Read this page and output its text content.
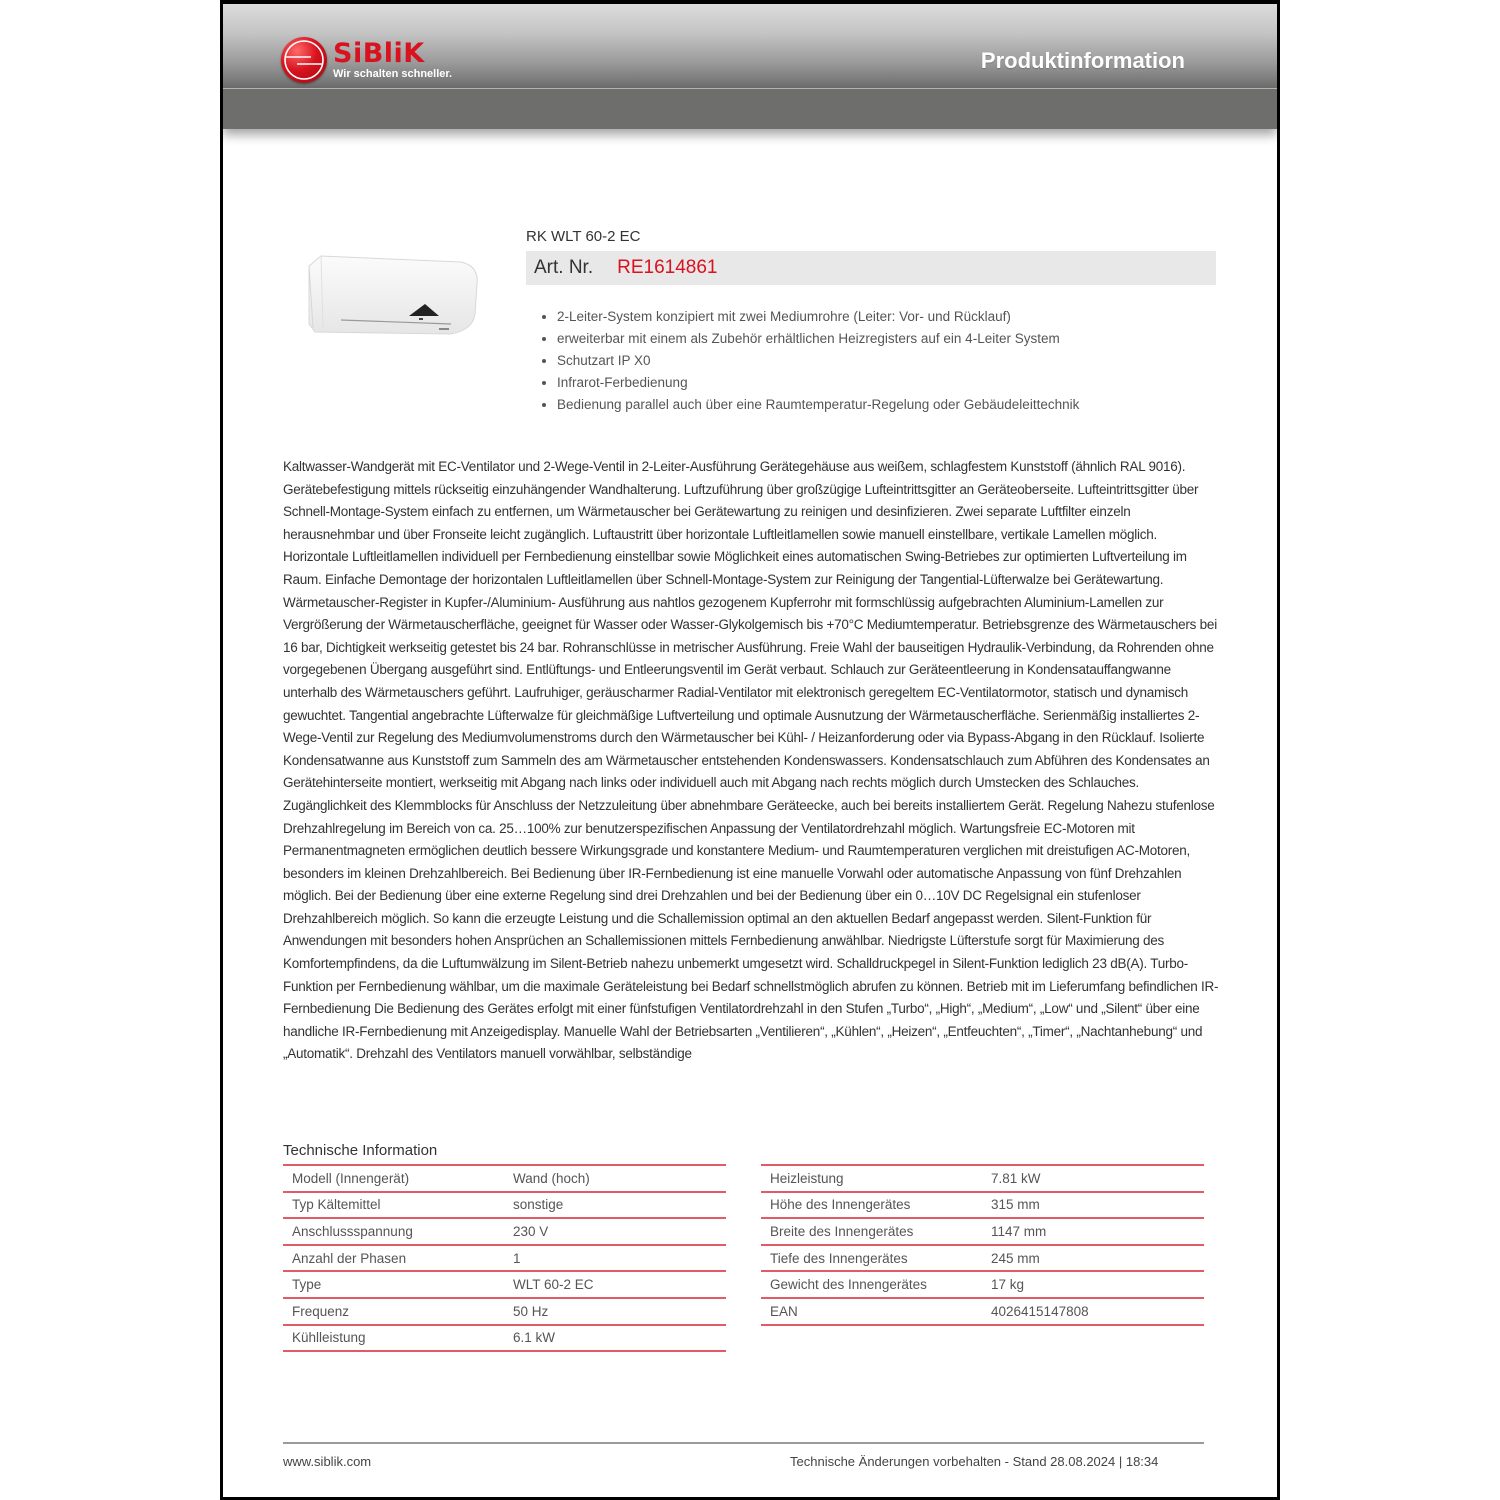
SiBliK
Wir schalten schneller.
Produktinformation
RK WLT 60-2 EC
Art. Nr. RE1614861
• 2-Leiter-System konzipiert mit zwei Mediumrohre (Leiter: Vor- und Rücklauf)
• erweiterbar mit einem als Zubehör erhältlichen Heizregisters auf ein 4-Leiter System
• Schutzart IP X0
• Infrarot-Ferbedienung
• Bedienung parallel auch über eine Raumtemperatur-Regelung oder Gebäudeleittechnik
Kaltwasser-Wandgerät mit EC-Ventilator und 2-Wege-Ventil in 2-Leiter-Ausführung Gerätegehäuse aus weißem, schlagfestem Kunststoff (ähnlich RAL 9016). Gerätebefestigung mittels rückseitig einzuhängender Wandhalterung. Luftzuführung über großzügige Lufteintrittsgitter an Geräteoberseite. Lufteintrittsgitter über Schnell-Montage-System einfach zu entfernen, um Wärmetauscher bei Gerätewartung zu reinigen und desinfizieren. Zwei separate Luftfilter einzeln herausnehmbar und über Fronseite leicht zugänglich. Luftaustritt über horizontale Luftleitlamellen sowie manuell einstellbare, vertikale Lamellen möglich. Horizontale Luftleitlamellen individuell per Fernbedienung einstellbar sowie Möglichkeit eines automatischen Swing-Betriebes zur optimierten Luftverteilung im Raum. Einfache Demontage der horizontalen Luftleitlamellen über Schnell-Montage-System zur Reinigung der Tangential-Lüfterwalze bei Gerätewartung. Wärmetauscher-Register in Kupfer-/Aluminium- Ausführung aus nahtlos gezogenem Kupferrohr mit formschlüssig aufgebrachten Aluminium-Lamellen zur Vergrößerung der Wärmetauscherfläche, geeignet für Wasser oder Wasser-Glykolgemisch bis +70°C Mediumtemperatur. Betriebsgrenze des Wärmetauschers bei 16 bar, Dichtigkeit werkseitig getestet bis 24 bar. Rohranschlüsse in metrischer Ausführung. Freie Wahl der bauseitigen Hydraulik-Verbindung, da Rohrenden ohne vorgegebenen Übergang ausgeführt sind. Entlüftungs- und Entleerungsventil im Gerät verbaut. Schlauch zur Geräteentleerung in Kondensatauffangwanne unterhalb des Wärmetauschers geführt. Laufruhiger, geräuscharmer Radial-Ventilator mit elektronisch geregeltem EC-Ventilatormotor, statisch und dynamisch gewuchtet. Tangential angebrachte Lüfterwalze für gleichmäßige Luftverteilung und optimale Ausnutzung der Wärmetauscherfläche. Serienmäßig installiertes 2-Wege-Ventil zur Regelung des Mediumvolumenstroms durch den Wärmetauscher bei Kühl- / Heizanforderung oder via Bypass-Abgang in den Rücklauf. Isolierte Kondensatwanne aus Kunststoff zum Sammeln des am Wärmetauscher entstehenden Kondenswassers. Kondensatschlauch zum Abführen des Kondensates an Gerätehinterseite montiert, werkseitig mit Abgang nach links oder individuell auch mit Abgang nach rechts möglich durch Umstecken des Schlauches. Zugänglichkeit des Klemmblocks für Anschluss der Netzzuleitung über abnehmbare Geräteecke, auch bei bereits installiertem Gerät. Regelung Nahezu stufenlose Drehzahlregelung im Bereich von ca. 25…100% zur benutzerspezifischen Anpassung der Ventilatordrehzahl möglich. Wartungsfreie EC-Motoren mit Permanentmagneten ermöglichen deutlich bessere Wirkungsgrade und konstantere Medium- und Raumtemperaturen verglichen mit dreistufigen AC-Motoren, besonders im kleinen Drehzahlbereich. Bei Bedienung über IR-Fernbedienung ist eine manuelle Vorwahl oder automatische Anpassung von fünf Drehzahlen möglich. Bei der Bedienung über eine externe Regelung sind drei Drehzahlen und bei der Bedienung über ein 0…10V DC Regelsignal ein stufenloser Drehzahlbereich möglich. So kann die erzeugte Leistung und die Schallemission optimal an den aktuellen Bedarf angepasst werden. Silent-Funktion für Anwendungen mit besonders hohen Ansprüchen an Schallemissionen mittels Fernbedienung anwählbar. Niedrigste Lüfterstufe sorgt für Maximierung des Komfortempfindens, da die Luftumwälzung im Silent-Betrieb nahezu unbemerkt umgesetzt wird. Schalldruckpegel in Silent-Funktion lediglich 23 dB(A). Turbo-Funktion per Fernbedienung wählbar, um die maximale Geräteleistung bei Bedarf schnellstmöglich abrufen zu können. Betrieb mit im Lieferumfang befindlichen IR-Fernbedienung Die Bedienung des Gerätes erfolgt mit einer fünfstufigen Ventilatordrehzahl in den Stufen „Turbo“, „High“, „Medium“, „Low“ und „Silent“ über eine handliche IR-Fernbedienung mit Anzeigedisplay. Manuelle Wahl der Betriebsarten „Ventilieren“, „Kühlen“, „Heizen“, „Entfeuchten“, „Timer“, „Nachtanhebung“ und „Automatik“. Drehzahl des Ventilators manuell vorwählbar, selbständige
Technische Information
Modell (Innengerät)	Wand (hoch)
Typ Kältemittel	sonstige
Anschlussspannung	230 V
Anzahl der Phasen	1
Type	WLT 60-2 EC
Frequenz	50 Hz
Kühlleistung	6.1 kW
Heizleistung	7.81 kW
Höhe des Innengerätes	315 mm
Breite des Innengerätes	1147 mm
Tiefe des Innengerätes	245 mm
Gewicht des Innengerätes	17 kg
EAN	4026415147808
www.siblik.com	Technische Änderungen vorbehalten - Stand 28.08.2024 | 18:34
